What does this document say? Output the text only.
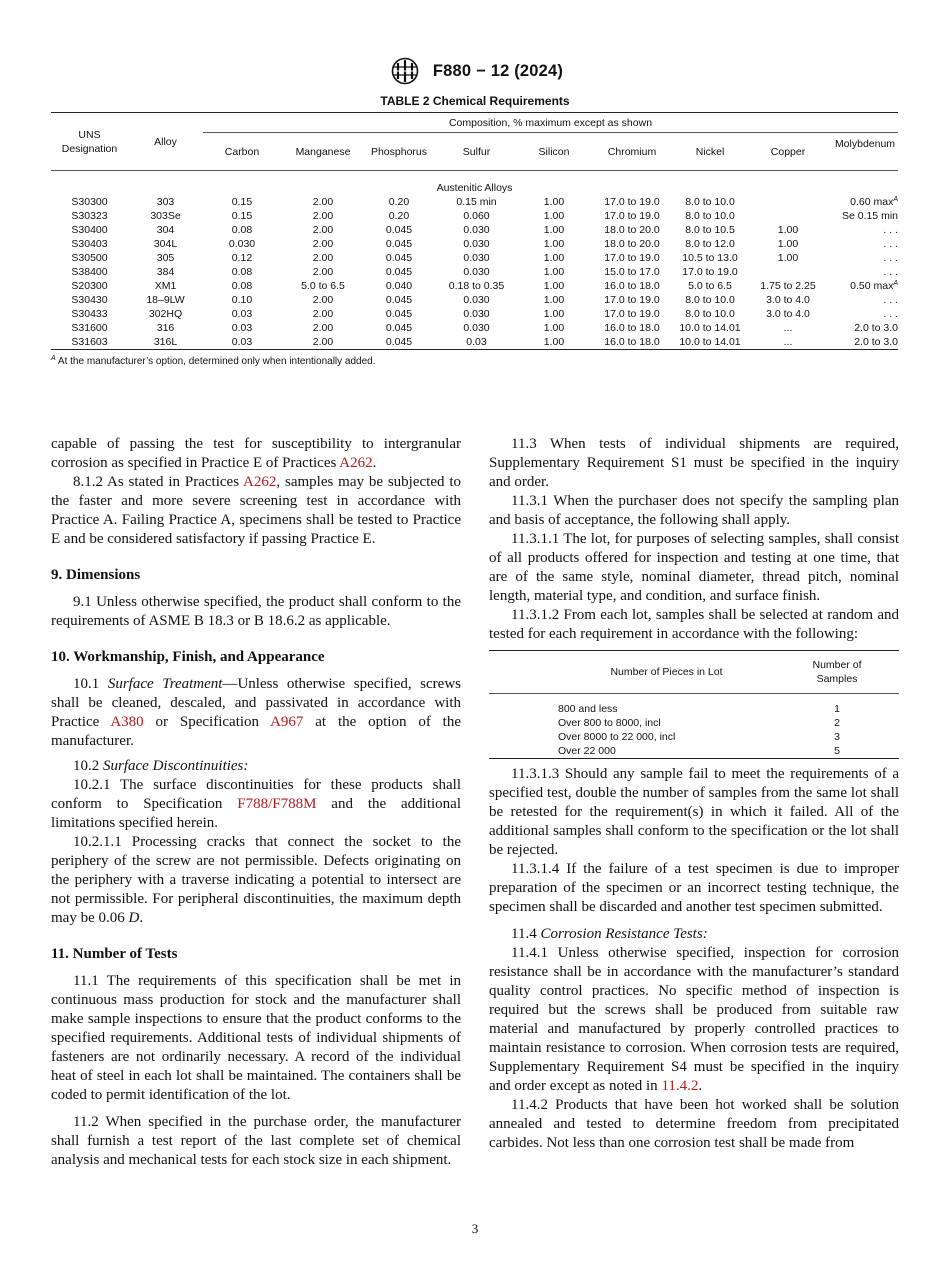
F880 − 12 (2024)
TABLE 2 Chemical Requirements
UNS Designation	Alloy	Composition, % maximum except as shown								
		Carbon	Manganese	Phosphorus	Sulfur	Silicon	Chromium	Nickel	Copper	Molybdenum
Austenitic Alloys										
S30300	303	0.15	2.00	0.20	0.15 min	1.00	17.0 to 19.0	8.0 to 10.0		0.60 $\max^A$
S30323	303Se	0.15	2.00	0.20	0.060	1.00	17.0 to 19.0	8.0 to 10.0		Se 0.15 min
S30400	304	0.08	2.00	0.045	0.030	1.00	18.0 to 20.0	8.0 to 10.5	1.00	. . .
S30403	304L	0.030	2.00	0.045	0.030	1.00	18.0 to 20.0	8.0 to 12.0	1.00	. . .
S30500	305	0.12	2.00	0.045	0.030	1.00	17.0 to 19.0	10.5 to 13.0	1.00	. . .
S38400	384	0.08	2.00	0.045	0.030	1.00	15.0 to 17.0	17.0 to 19.0		. . .
S20300	XM1	0.08	5.0 to 6.5	0.040	0.18 to 0.35	1.00	16.0 to 18.0	5.0 to 6.5	1.75 to 2.25	0.50 $\max^A$
S30430	18–9LW	0.10	2.00	0.045	0.030	1.00	17.0 to 19.0	8.0 to 10.0	3.0 to 4.0	. . .
S30433	302HQ	0.03	2.00	0.045	0.030	1.00	17.0 to 19.0	8.0 to 10.0	3.0 to 4.0	. . .
S31600	316	0.03	2.00	0.045	0.030	1.00	16.0 to 18.0	10.0 to 14.01	...	2.0 to 3.0
S31603	316L	0.03	2.00	0.045	0.03	1.00	16.0 to 18.0	10.0 to 14.01	...	2.0 to 3.0
$^A$ At the manufacturer’s option, determined only when intentionally added.

capable of passing the test for susceptibility to intergranular corrosion as specified in Practice E of Practices A262.

8.1.2 As stated in Practices A262, samples may be subjected to the faster and more severe screening test in accordance with Practice A. Failing Practice A, specimens shall be tested to Practice E and be considered satisfactory if passing Practice E.

9. Dimensions

9.1 Unless otherwise specified, the product shall conform to the requirements of ASME B 18.3 or B 18.6.2 as applicable.

10. Workmanship, Finish, and Appearance

10.1 Surface Treatment—Unless otherwise specified, screws shall be cleaned, descaled, and passivated in accordance with Practice A380 or Specification A967 at the option of the manufacturer.

10.2 Surface Discontinuities:

10.2.1 The surface discontinuities for these products shall conform to Specification F788/F788M and the additional limitations specified herein.

10.2.1.1 Processing cracks that connect the socket to the periphery of the screw are not permissible. Defects originating on the periphery with a traverse indicating a potential to intersect are not permissible. For peripheral discontinuities, the maximum depth may be 0.06 D.

11. Number of Tests

11.1 The requirements of this specification shall be met in continuous mass production for stock and the manufacturer shall make sample inspections to ensure that the product conforms to the specified requirements. Additional tests of individual shipments of fasteners are not ordinarily necessary. A record of the individual heat of steel in each lot shall be maintained. The containers shall be coded to permit identification of the lot.

11.2 When specified in the purchase order, the manufacturer shall furnish a test report of the last complete set of chemical analysis and mechanical tests for each stock size in each shipment.

11.3 When tests of individual shipments are required, Supplementary Requirement S1 must be specified in the inquiry and order.

11.3.1 When the purchaser does not specify the sampling plan and basis of acceptance, the following shall apply.

11.3.1.1 The lot, for purposes of selecting samples, shall consist of all products offered for inspection and testing at one time, that are of the same style, nominal diameter, thread pitch, nominal length, material type, and condition, and surface finish.

11.3.1.2 From each lot, samples shall be selected at random and tested for each requirement in accordance with the following:

	Number of Pieces in Lot	Number of Samples
	800 and less	1
	Over 800 to 8000, incl	2
	Over 8000 to 22 000, incl	3
	Over 22 000	5

11.3.1.3 Should any sample fail to meet the requirements of a specified test, double the number of samples from the same lot shall be retested for the requirement(s) in which it failed. All of the additional samples shall conform to the specification or the lot shall be rejected.

11.3.1.4 If the failure of a test specimen is due to improper preparation of the specimen or an incorrect testing technique, the specimen shall be discarded and another test specimen submitted.

11.4 Corrosion Resistance Tests:

11.4.1 Unless otherwise specified, inspection for corrosion resistance shall be in accordance with the manufacturer’s standard quality control practices. No specific method of inspection is required but the screws shall be produced from suitable raw material and manufactured by properly controlled practices to maintain resistance to corrosion. When corrosion tests are required, Supplementary Requirement S4 must be specified in the inquiry and order except as noted in 11.4.2.

11.4.2 Products that have been hot worked shall be solution annealed and tested to determine freedom from precipitated carbides. Not less than one corrosion test shall be made from

3
